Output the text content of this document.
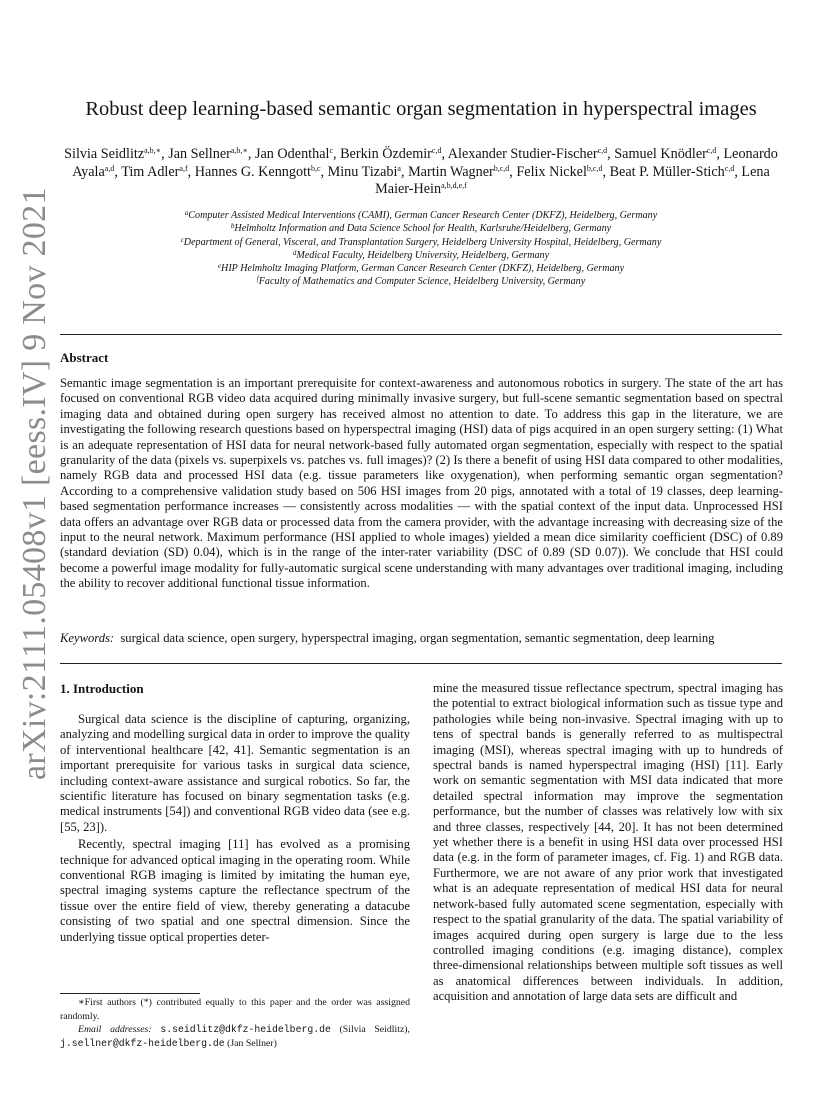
arXiv:2111.05408v1 [eess.IV] 9 Nov 2021
Robust deep learning-based semantic organ segmentation in hyperspectral images
Silvia Seidlitz$^{a,b,∗}$, Jan Sellner$^{a,b,∗}$, Jan Odenthal$^c$, Berkin Özdemir$^{c,d}$, Alexander Studier-Fischer$^{c,d}$, Samuel Knödler$^{c,d}$, Leonardo Ayala$^{a,d}$, Tim Adler$^{a,f}$, Hannes G. Kenngott$^{b,c}$, Minu Tizabi$^a$, Martin Wagner$^{b,c,d}$, Felix Nickel$^{b,c,d}$, Beat P. Müller-Stich$^{c,d}$, Lena Maier-Hein$^{a,b,d,e,f}$
$^a$Computer Assisted Medical Interventions (CAMI), German Cancer Research Center (DKFZ), Heidelberg, Germany
$^b$Helmholtz Information and Data Science School for Health, Karlsruhe/Heidelberg, Germany
$^c$Department of General, Visceral, and Transplantation Surgery, Heidelberg University Hospital, Heidelberg, Germany
$^d$Medical Faculty, Heidelberg University, Heidelberg, Germany
$^e$HIP Helmholtz Imaging Platform, German Cancer Research Center (DKFZ), Heidelberg, Germany
$^f$Faculty of Mathematics and Computer Science, Heidelberg University, Germany
Abstract
Semantic image segmentation is an important prerequisite for context-awareness and autonomous robotics in surgery. The state of the art has focused on conventional RGB video data acquired during minimally invasive surgery, but full-scene semantic segmentation based on spectral imaging data and obtained during open surgery has received almost no attention to date. To address this gap in the literature, we are investigating the following research questions based on hyperspectral imaging (HSI) data of pigs acquired in an open surgery setting: (1) What is an adequate representation of HSI data for neural network-based fully automated organ segmentation, especially with respect to the spatial granularity of the data (pixels vs. superpixels vs. patches vs. full images)? (2) Is there a benefit of using HSI data compared to other modalities, namely RGB data and processed HSI data (e.g. tissue parameters like oxygenation), when performing semantic organ segmentation? According to a comprehensive validation study based on 506 HSI images from 20 pigs, annotated with a total of 19 classes, deep learning-based segmentation performance increases — consistently across modalities — with the spatial context of the input data. Unprocessed HSI data offers an advantage over RGB data or processed data from the camera provider, with the advantage increasing with decreasing size of the input to the neural network. Maximum performance (HSI applied to whole images) yielded a mean dice similarity coefficient (DSC) of 0.89 (standard deviation (SD) 0.04), which is in the range of the inter-rater variability (DSC of 0.89 (SD 0.07)). We conclude that HSI could become a powerful image modality for fully-automatic surgical scene understanding with many advantages over traditional imaging, including the ability to recover additional functional tissue information.
Keywords: surgical data science, open surgery, hyperspectral imaging, organ segmentation, semantic segmentation, deep learning
1. Introduction

Surgical data science is the discipline of capturing, organizing, analyzing and modelling surgical data in order to improve the quality of interventional healthcare [42, 41]. Semantic segmentation is an important prerequisite for various tasks in surgical data science, including context-aware assistance and surgical robotics. So far, the scientific literature has focused on binary segmentation tasks (e.g. medical instruments [54]) and conventional RGB video data (see e.g. [55, 23]).

Recently, spectral imaging [11] has evolved as a promising technique for advanced optical imaging in the operating room. While conventional RGB imaging is limited by imitating the human eye, spectral imaging systems capture the reflectance spectrum of the tissue over the entire field of view, thereby generating a datacube consisting of two spatial and one spectral dimension. Since the underlying tissue optical properties deter-

mine the measured tissue reflectance spectrum, spectral imaging has the potential to extract biological information such as tissue type and pathologies while being non-invasive. Spectral imaging with up to tens of spectral bands is generally referred to as multispectral imaging (MSI), whereas spectral imaging with up to hundreds of spectral bands is named hyperspectral imaging (HSI) [11]. Early work on semantic segmentation with MSI data indicated that more detailed spectral information may improve the segmentation performance, but the number of classes was relatively low with six and three classes, respectively [44, 20]. It has not been determined yet whether there is a benefit in using HSI data over processed HSI data (e.g. in the form of parameter images, cf. Fig. 1) and RGB data. Furthermore, we are not aware of any prior work that investigated what is an adequate representation of medical HSI data for neural network-based fully automated scene segmentation, especially with respect to the spatial granularity of the data. The spatial variability of images acquired during open surgery is large due to the less controlled imaging conditions (e.g. imaging distance), complex three-dimensional relationships between multiple soft tissues as well as anatomical differences between individuals. In addition, acquisition and annotation of large data sets are difficult and

∗First authors (*) contributed equally to this paper and the order was assigned randomly.
Email addresses: s.seidlitz@dkfz-heidelberg.de (Silvia Seidlitz), j.sellner@dkfz-heidelberg.de (Jan Sellner)
